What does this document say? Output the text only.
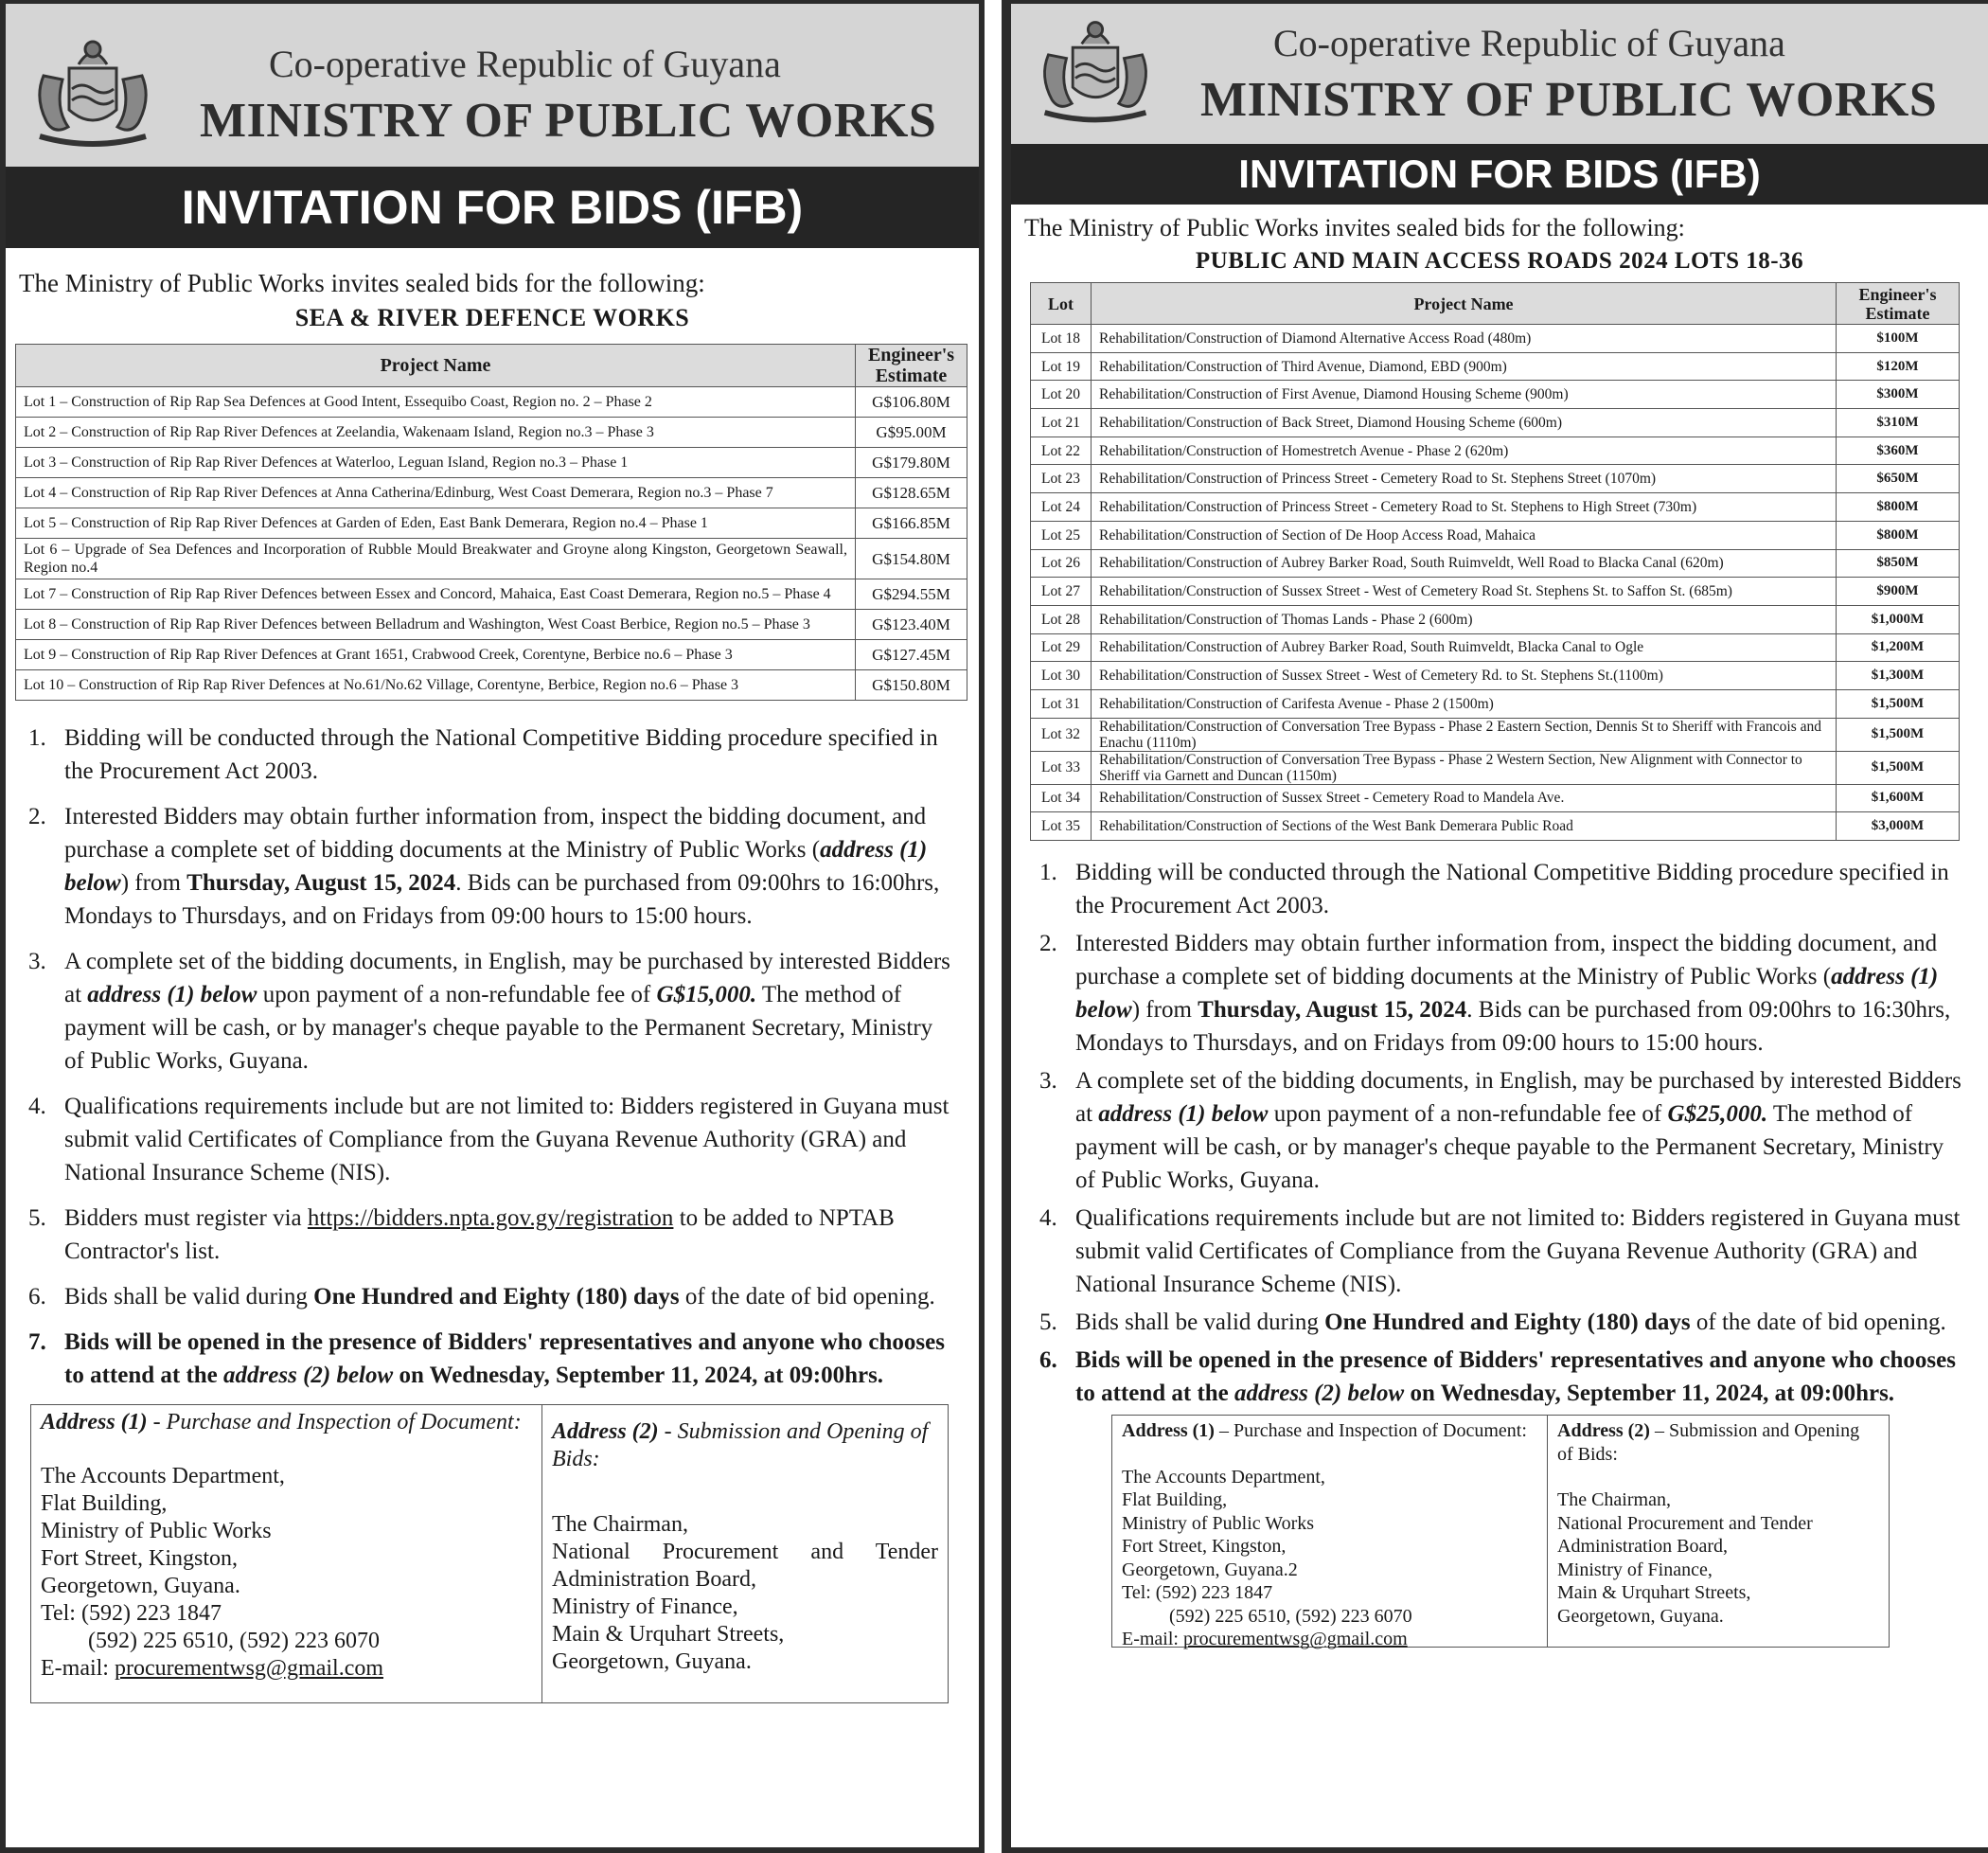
Co-operative Republic of Guyana
MINISTRY OF PUBLIC WORKS
INVITATION FOR BIDS (IFB)
The Ministry of Public Works invites sealed bids for the following:
SEA & RIVER DEFENCE WORKS
Project Name	Engineer's
Estimate
Lot 1 – Construction of Rip Rap Sea Defences at Good Intent, Essequibo Coast, Region no. 2 – Phase 2	G$106.80M
Lot 2 – Construction of Rip Rap River Defences at Zeelandia, Wakenaam Island, Region no.3 – Phase 3	G$95.00M
Lot 3 – Construction of Rip Rap River Defences at Waterloo, Leguan Island, Region no.3 – Phase 1	G$179.80M
Lot 4 – Construction of Rip Rap River Defences at Anna Catherina/Edinburg, West Coast Demerara, Region no.3 – Phase 7	G$128.65M
Lot 5 – Construction of Rip Rap River Defences at Garden of Eden, East Bank Demerara, Region no.4 – Phase 1	G$166.85M
Lot 6 – Upgrade of Sea Defences and Incorporation of Rubble Mould Breakwater and Groyne along Kingston, Georgetown Seawall, Region no.4	G$154.80M
Lot 7 – Construction of Rip Rap River Defences between Essex and Concord, Mahaica, East Coast Demerara, Region no.5 – Phase 4	G$294.55M
Lot 8 – Construction of Rip Rap River Defences between Belladrum and Washington, West Coast Berbice, Region no.5 – Phase 3	G$123.40M
Lot 9 – Construction of Rip Rap River Defences at Grant 1651, Crabwood Creek, Corentyne, Berbice no.6 – Phase 3	G$127.45M
Lot 10 – Construction of Rip Rap River Defences at No.61/No.62 Village, Corentyne, Berbice, Region no.6 – Phase 3	G$150.80M
1. Bidding will be conducted through the National Competitive Bidding procedure specified in the Procurement Act 2003.
2. Interested Bidders may obtain further information from, inspect the bidding document, and purchase a complete set of bidding documents at the Ministry of Public Works (address (1) below) from Thursday, August 15, 2024. Bids can be purchased from 09:00hrs to 16:00hrs, Mondays to Thursdays, and on Fridays from 09:00 hours to 15:00 hours.
3. A complete set of the bidding documents, in English, may be purchased by interested Bidders at address (1) below upon payment of a non-refundable fee of G$15,000. The method of payment will be cash, or by manager's cheque payable to the Permanent Secretary, Ministry of Public Works, Guyana.
4. Qualifications requirements include but are not limited to: Bidders registered in Guyana must submit valid Certificates of Compliance from the Guyana Revenue Authority (GRA) and National Insurance Scheme (NIS).
5. Bidders must register via https://bidders.npta.gov.gy/registration to be added to NPTAB Contractor's list.
6. Bids shall be valid during One Hundred and Eighty (180) days of the date of bid opening.
7. Bids will be opened in the presence of Bidders' representatives and anyone who chooses to attend at the address (2) below on Wednesday, September 11, 2024, at 09:00hrs.
Address (1) - Purchase and Inspection of Document:
The Accounts Department,
Flat Building,
Ministry of Public Works
Fort Street, Kingston,
Georgetown, Guyana.
Tel: (592) 223 1847
(592) 225 6510, (592) 223 6070
E-mail: procurementwsg@gmail.com
Address (2) - Submission and Opening of Bids:
The Chairman,
National Procurement and Tender
Administration Board,
Ministry of Finance,
Main & Urquhart Streets,
Georgetown, Guyana.
Co-operative Republic of Guyana
MINISTRY OF PUBLIC WORKS
INVITATION FOR BIDS (IFB)
The Ministry of Public Works invites sealed bids for the following:
PUBLIC AND MAIN ACCESS ROADS 2024 LOTS 18-36
Lot	Project Name	Engineer's
Estimate
Lot 18	Rehabilitation/Construction of Diamond Alternative Access Road (480m)	$100M
Lot 19	Rehabilitation/Construction of Third Avenue, Diamond, EBD (900m)	$120M
Lot 20	Rehabilitation/Construction of First Avenue, Diamond Housing Scheme (900m)	$300M
Lot 21	Rehabilitation/Construction of Back Street, Diamond Housing Scheme (600m)	$310M
Lot 22	Rehabilitation/Construction of Homestretch Avenue - Phase 2 (620m)	$360M
Lot 23	Rehabilitation/Construction of Princess Street - Cemetery Road to St. Stephens Street (1070m)	$650M
Lot 24	Rehabilitation/Construction of Princess Street - Cemetery Road to St. Stephens to High Street (730m)	$800M
Lot 25	Rehabilitation/Construction of Section of De Hoop Access Road, Mahaica	$800M
Lot 26	Rehabilitation/Construction of Aubrey Barker Road, South Ruimveldt, Well Road to Blacka Canal (620m)	$850M
Lot 27	Rehabilitation/Construction of Sussex Street - West of Cemetery Road St. Stephens St. to Saffon St. (685m)	$900M
Lot 28	Rehabilitation/Construction of Thomas Lands - Phase 2 (600m)	$1,000M
Lot 29	Rehabilitation/Construction of Aubrey Barker Road, South Ruimveldt, Blacka Canal to Ogle	$1,200M
Lot 30	Rehabilitation/Construction of Sussex Street - West of Cemetery Rd. to St. Stephens St.(1100m)	$1,300M
Lot 31	Rehabilitation/Construction of Carifesta Avenue - Phase 2 (1500m)	$1,500M
Lot 32	Rehabilitation/Construction of Conversation Tree Bypass - Phase 2 Eastern Section, Dennis St to Sheriff with Francois and Enachu (1110m)	$1,500M
Lot 33	Rehabilitation/Construction of Conversation Tree Bypass - Phase 2 Western Section, New Alignment with Connector to Sheriff via Garnett and Duncan (1150m)	$1,500M
Lot 34	Rehabilitation/Construction of Sussex Street - Cemetery Road to Mandela Ave.	$1,600M
Lot 35	Rehabilitation/Construction of Sections of the West Bank Demerara Public Road	$3,000M
1. Bidding will be conducted through the National Competitive Bidding procedure specified in the Procurement Act 2003.
2. Interested Bidders may obtain further information from, inspect the bidding document, and purchase a complete set of bidding documents at the Ministry of Public Works (address (1) below) from Thursday, August 15, 2024. Bids can be purchased from 09:00hrs to 16:30hrs, Mondays to Thursdays, and on Fridays from 09:00 hours to 15:00 hours.
3. A complete set of the bidding documents, in English, may be purchased by interested Bidders at address (1) below upon payment of a non-refundable fee of G$25,000. The method of payment will be cash, or by manager's cheque payable to the Permanent Secretary, Ministry of Public Works, Guyana.
4. Qualifications requirements include but are not limited to: Bidders registered in Guyana must submit valid Certificates of Compliance from the Guyana Revenue Authority (GRA) and National Insurance Scheme (NIS).
5. Bids shall be valid during One Hundred and Eighty (180) days of the date of bid opening.
6. Bids will be opened in the presence of Bidders' representatives and anyone who chooses to attend at the address (2) below on Wednesday, September 11, 2024, at 09:00hrs.
Address (1) – Purchase and Inspection of Document:
The Accounts Department,
Flat Building,
Ministry of Public Works
Fort Street, Kingston,
Georgetown, Guyana.2
Tel: (592) 223 1847
(592) 225 6510, (592) 223 6070
E-mail: procurementwsg@gmail.com
Address (2) – Submission and Opening of Bids:
The Chairman,
National Procurement and Tender
Administration Board,
Ministry of Finance,
Main & Urquhart Streets,
Georgetown, Guyana.
